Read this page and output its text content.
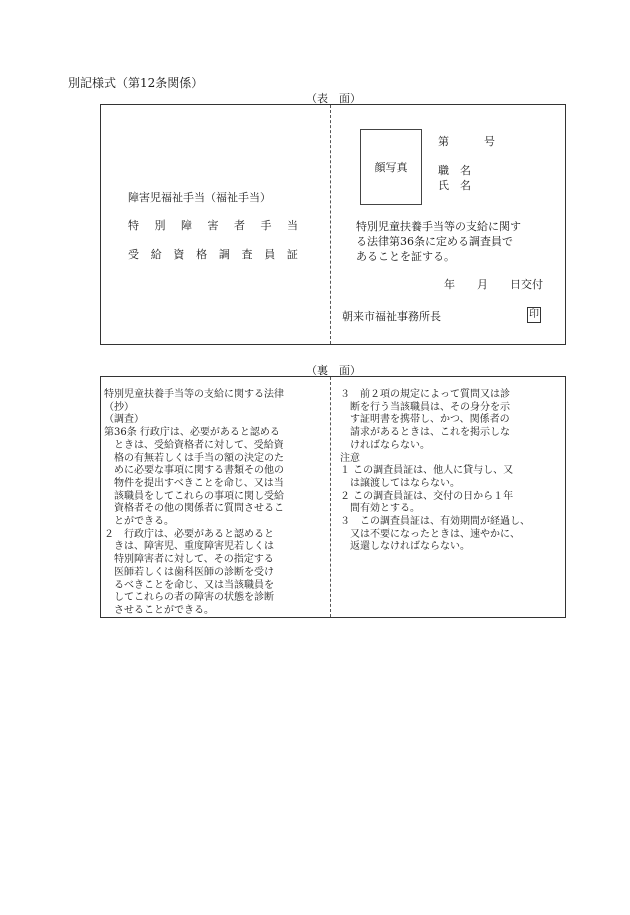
別記様式（第12条関係）
（表　面）
障害児福祉手当（福祉手当）
特 別 障 害 者 手 当
受 給 資 格 調 査 員 証
顔写真
第	号
職　名
氏　名
特別児童扶養手当等の支給に関す
る法律第36条に定める調査員で
あることを証する。
年　　月　　日交付
朝来市福祉事務所長	印
（裏　面）
特別児童扶養手当等の支給に関する法律
（抄）
（調査）
第36条 行政庁は、必要があると認める
　ときは、受給資格者に対して、受給資
　格の有無若しくは手当の額の決定のた
　めに必要な事項に関する書類その他の
　物件を提出すべきことを命じ、又は当
　該職員をしてこれらの事項に関し受給
　資格者その他の関係者に質問させるこ
　とができる。
２　行政庁は、必要があると認めると
　きは、障害児、重度障害児若しくは
　特別障害者に対して、その指定する
　医師若しくは歯科医師の診断を受け
　るべきことを命じ、又は当該職員を
　してこれらの者の障害の状態を診断
　させることができる。
３　前２項の規定によって質問又は診
　断を行う当該職員は、その身分を示
　す証明書を携帯し、かつ、関係者の
　請求があるときは、これを掲示しな
　ければならない。
注意
１ この調査員証は、他人に貸与し、又
　は譲渡してはならない。
２ この調査員証は、交付の日から１年
　間有効とする。
３　この調査員証は、有効期間が経過し、
　又は不要になったときは、速やかに、
　返還しなければならない。
